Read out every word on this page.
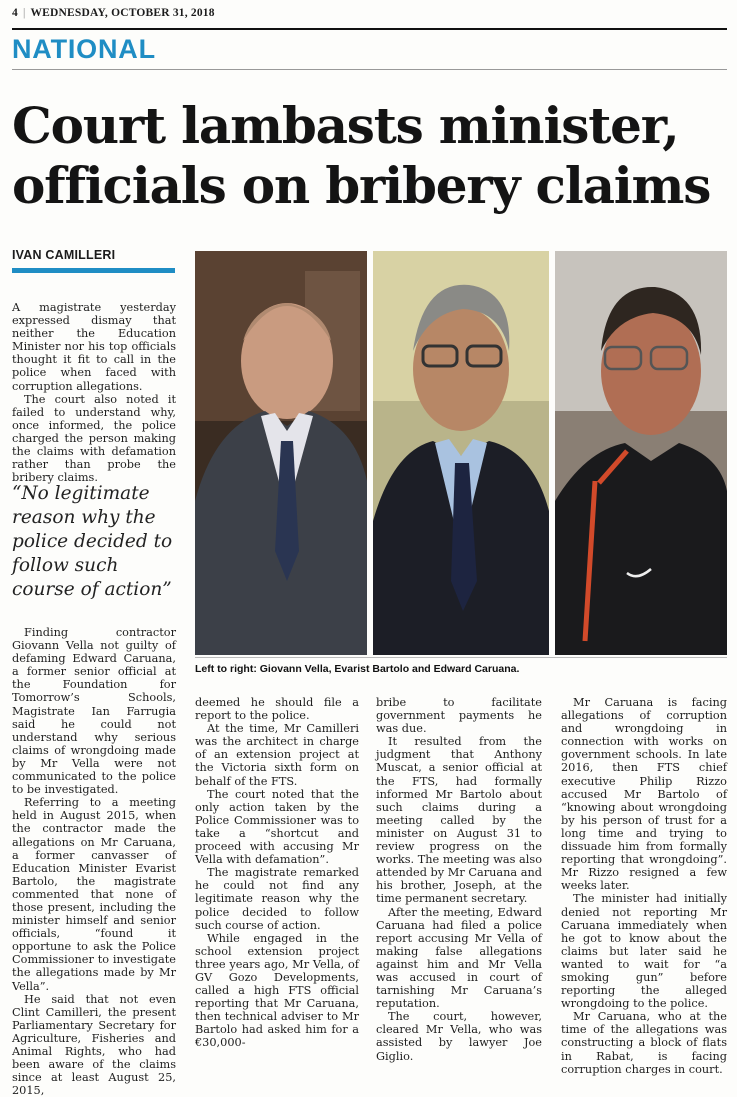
4 | WEDNESDAY, OCTOBER 31, 2018
NATIONAL
Court lambasts minister,
officials on bribery claims
IVAN CAMILLERI

A magistrate yesterday expressed dismay that neither the Education Minister nor his top officials thought it fit to call in the police when faced with corruption allegations.

The court also noted it failed to understand why, once informed, the police charged the person making the claims with defamation rather than probe the bribery claims.

“No legitimate reason why the police decided to follow such course of action”

Finding contractor Giovann Vella not guilty of defaming Edward Caruana, a former senior official at the Foundation for Tomorrow’s Schools, Magistrate Ian Farrugia said he could not understand why serious claims of wrongdoing made by Mr Vella were not communicated to the police to be investigated.

Referring to a meeting held in August 2015, when the contractor made the allegations on Mr Caruana, a former canvasser of Education Minister Evarist Bartolo, the magistrate commented that none of those present, including the minister himself and senior officials, “found it opportune to ask the Police Commissioner to investigate the allegations made by Mr Vella”.

He said that not even Clint Camilleri, the present Parliamentary Secretary for Agriculture, Fisheries and Animal Rights, who had been aware of the claims since at least August 25, 2015,

Left to right: Giovann Vella, Evarist Bartolo and Edward Caruana.

deemed he should file a report to the police.

At the time, Mr Camilleri was the architect in charge of an extension project at the Victoria sixth form on behalf of the FTS.

The court noted that the only action taken by the Police Commissioner was to take a “shortcut and proceed with accusing Mr Vella with defamation”.

The magistrate remarked he could not find any legitimate reason why the police decided to follow such course of action.

While engaged in the school extension project three years ago, Mr Vella, of GV Gozo Developments, called a high FTS official reporting that Mr Caruana, then technical adviser to Mr Bartolo had asked him for a €30,000-

bribe to facilitate government payments he was due.

It resulted from the judgment that Anthony Muscat, a senior official at the FTS, had formally informed Mr Bartolo about such claims during a meeting called by the minister on August 31 to review progress on the works. The meeting was also attended by Mr Caruana and his brother, Joseph, at the time permanent secretary.

After the meeting, Edward Caruana had filed a police report accusing Mr Vella of making false allegations against him and Mr Vella was accused in court of tarnishing Mr Caruana’s reputation.

The court, however, cleared Mr Vella, who was assisted by lawyer Joe Giglio.

Mr Caruana is facing allegations of corruption and wrongdoing in connection with works on government schools. In late 2016, then FTS chief executive Philip Rizzo accused Mr Bartolo of “knowing about wrongdoing by his person of trust for a long time and trying to dissuade him from formally reporting that wrongdoing”. Mr Rizzo resigned a few weeks later.

The minister had initially denied not reporting Mr Caruana immediately when he got to know about the claims but later said he wanted to wait for “a smoking gun” before reporting the alleged wrongdoing to the police.

Mr Caruana, who at the time of the allegations was constructing a block of flats in Rabat, is facing corruption charges in court.
